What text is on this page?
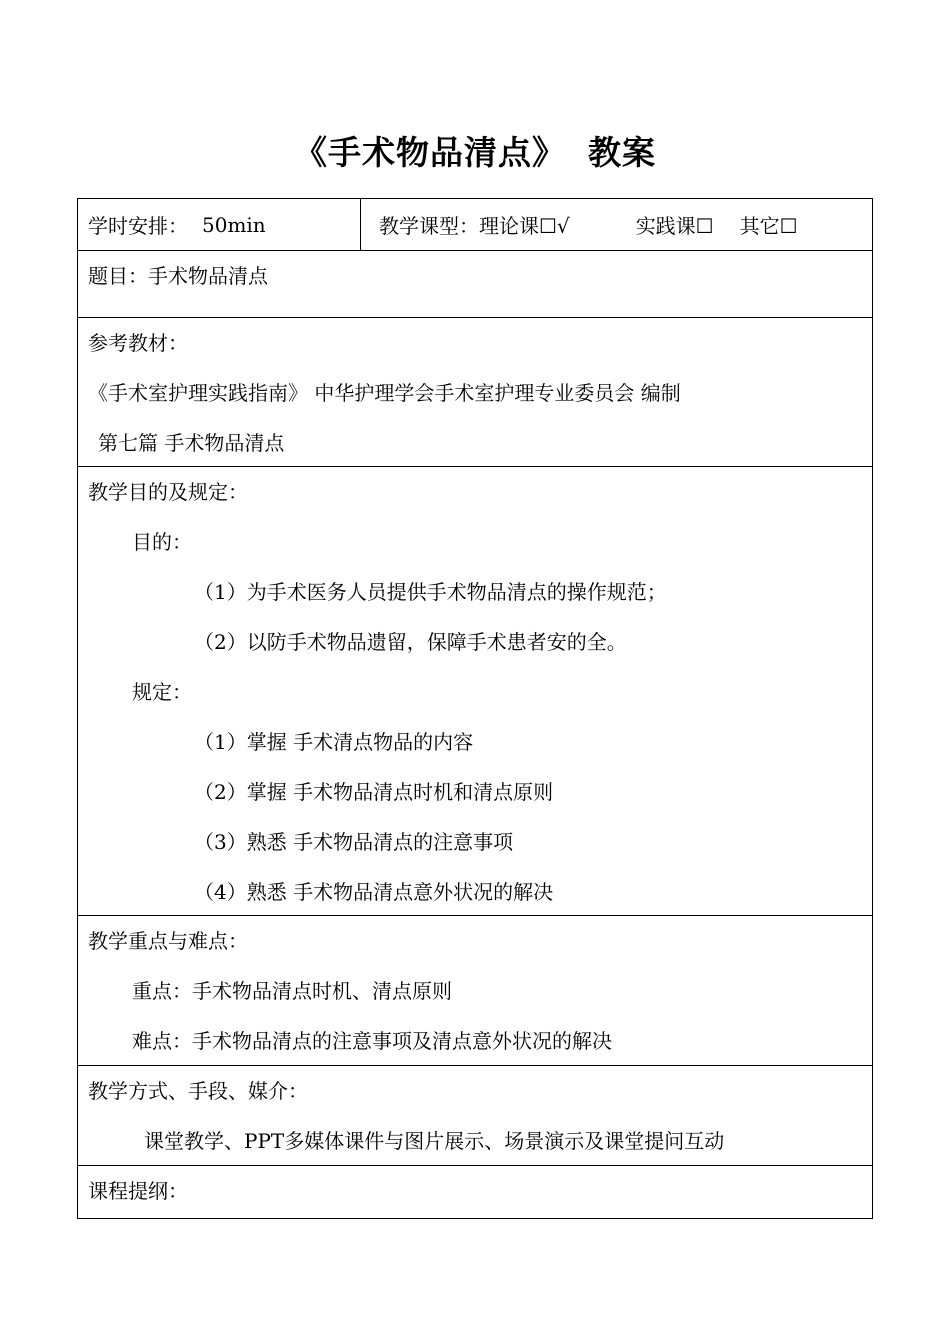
《手术物品清点》 教案
学时安排： 50min	教学课型： 理论课☐√	实践课☐ 其它☐
题目：手术物品清点
参考教材：
《手术室护理实践指南》 中华护理学会手术室护理专业委员会 编制
第七篇 手术物品清点
教学目的及规定：
目的：
（1）为手术医务人员提供手术物品清点的操作规范；
（2）以防手术物品遗留，保障手术患者安的全。
规定：
（1）掌握 手术清点物品的内容
（2）掌握 手术物品清点时机和清点原则
（3）熟悉 手术物品清点的注意事项
（4）熟悉 手术物品清点意外状况的解决
教学重点与难点：
重点：手术物品清点时机、清点原则
难点：手术物品清点的注意事项及清点意外状况的解决
教学方式、手段、媒介：
课堂教学、PPT多媒体课件与图片展示、场景演示及课堂提问互动
课程提纲：
